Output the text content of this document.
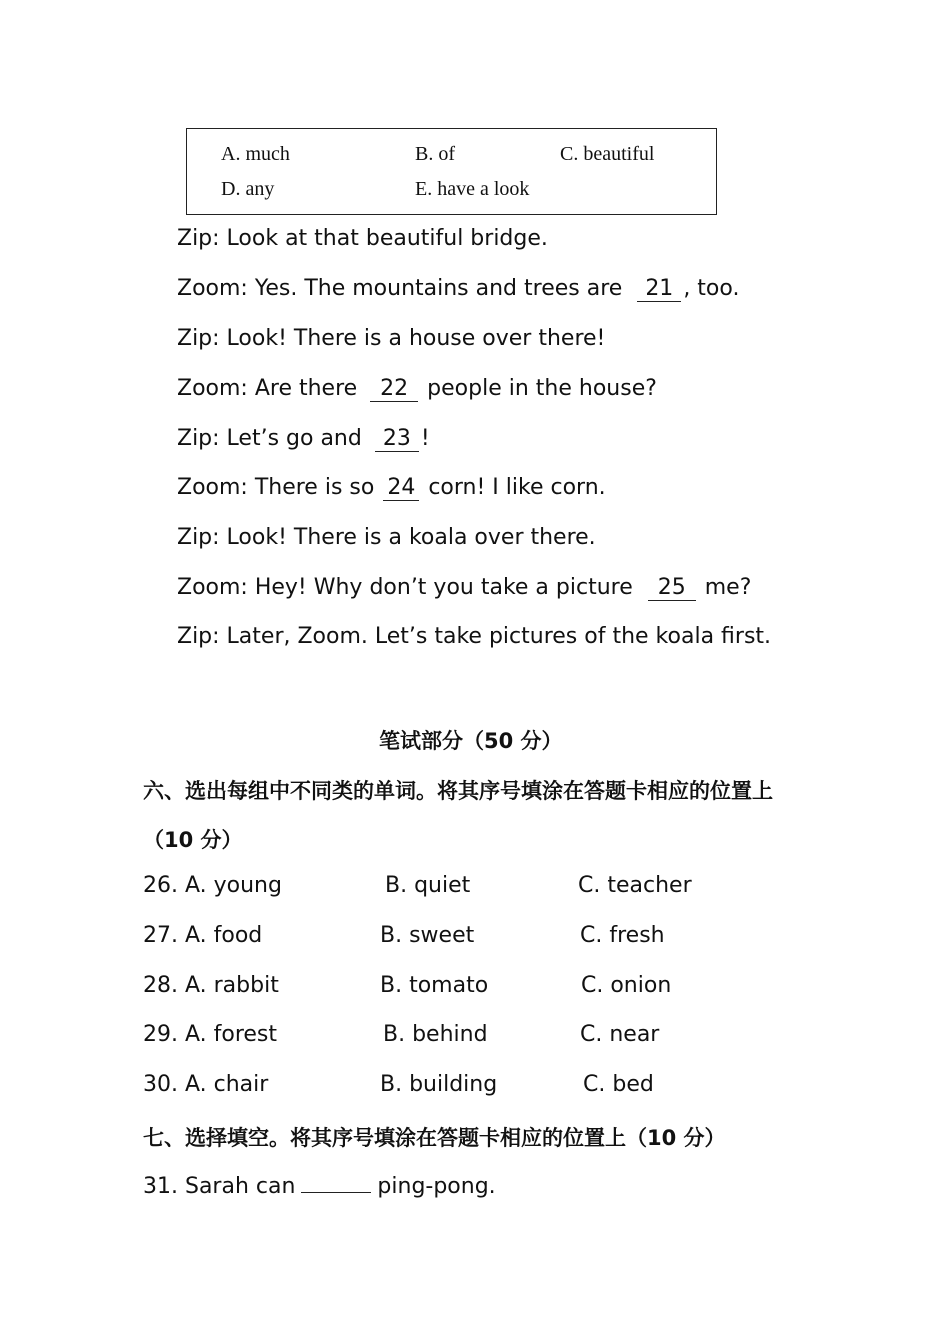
A. much	B. of	C. beautiful
D. any	E. have a look
Zip: Look at that beautiful bridge.
Zoom: Yes. The mountains and trees are 21 , too.
Zip: Look! There is a house over there!
Zoom: Are there 22 people in the house?
Zip: Let’s go and 23 !
Zoom: There is so 24 corn! I like corn.
Zip: Look! There is a koala over there.
Zoom: Hey! Why don’t you take a picture 25 me?
Zip: Later, Zoom. Let’s take pictures of the koala first.
笔试部分（50 分）
六、选出每组中不同类的单词。将其序号填涂在答题卡相应的位置上
（10 分）
26. A. young	B. quiet	C. teacher
27. A. food	B. sweet	C. fresh
28. A. rabbit	B. tomato	C. onion
29. A. forest	B. behind	C. near
30. A. chair	B. building	C. bed
七、选择填空。将其序号填涂在答题卡相应的位置上（10 分）
31. Sarah can	ping-pong.
